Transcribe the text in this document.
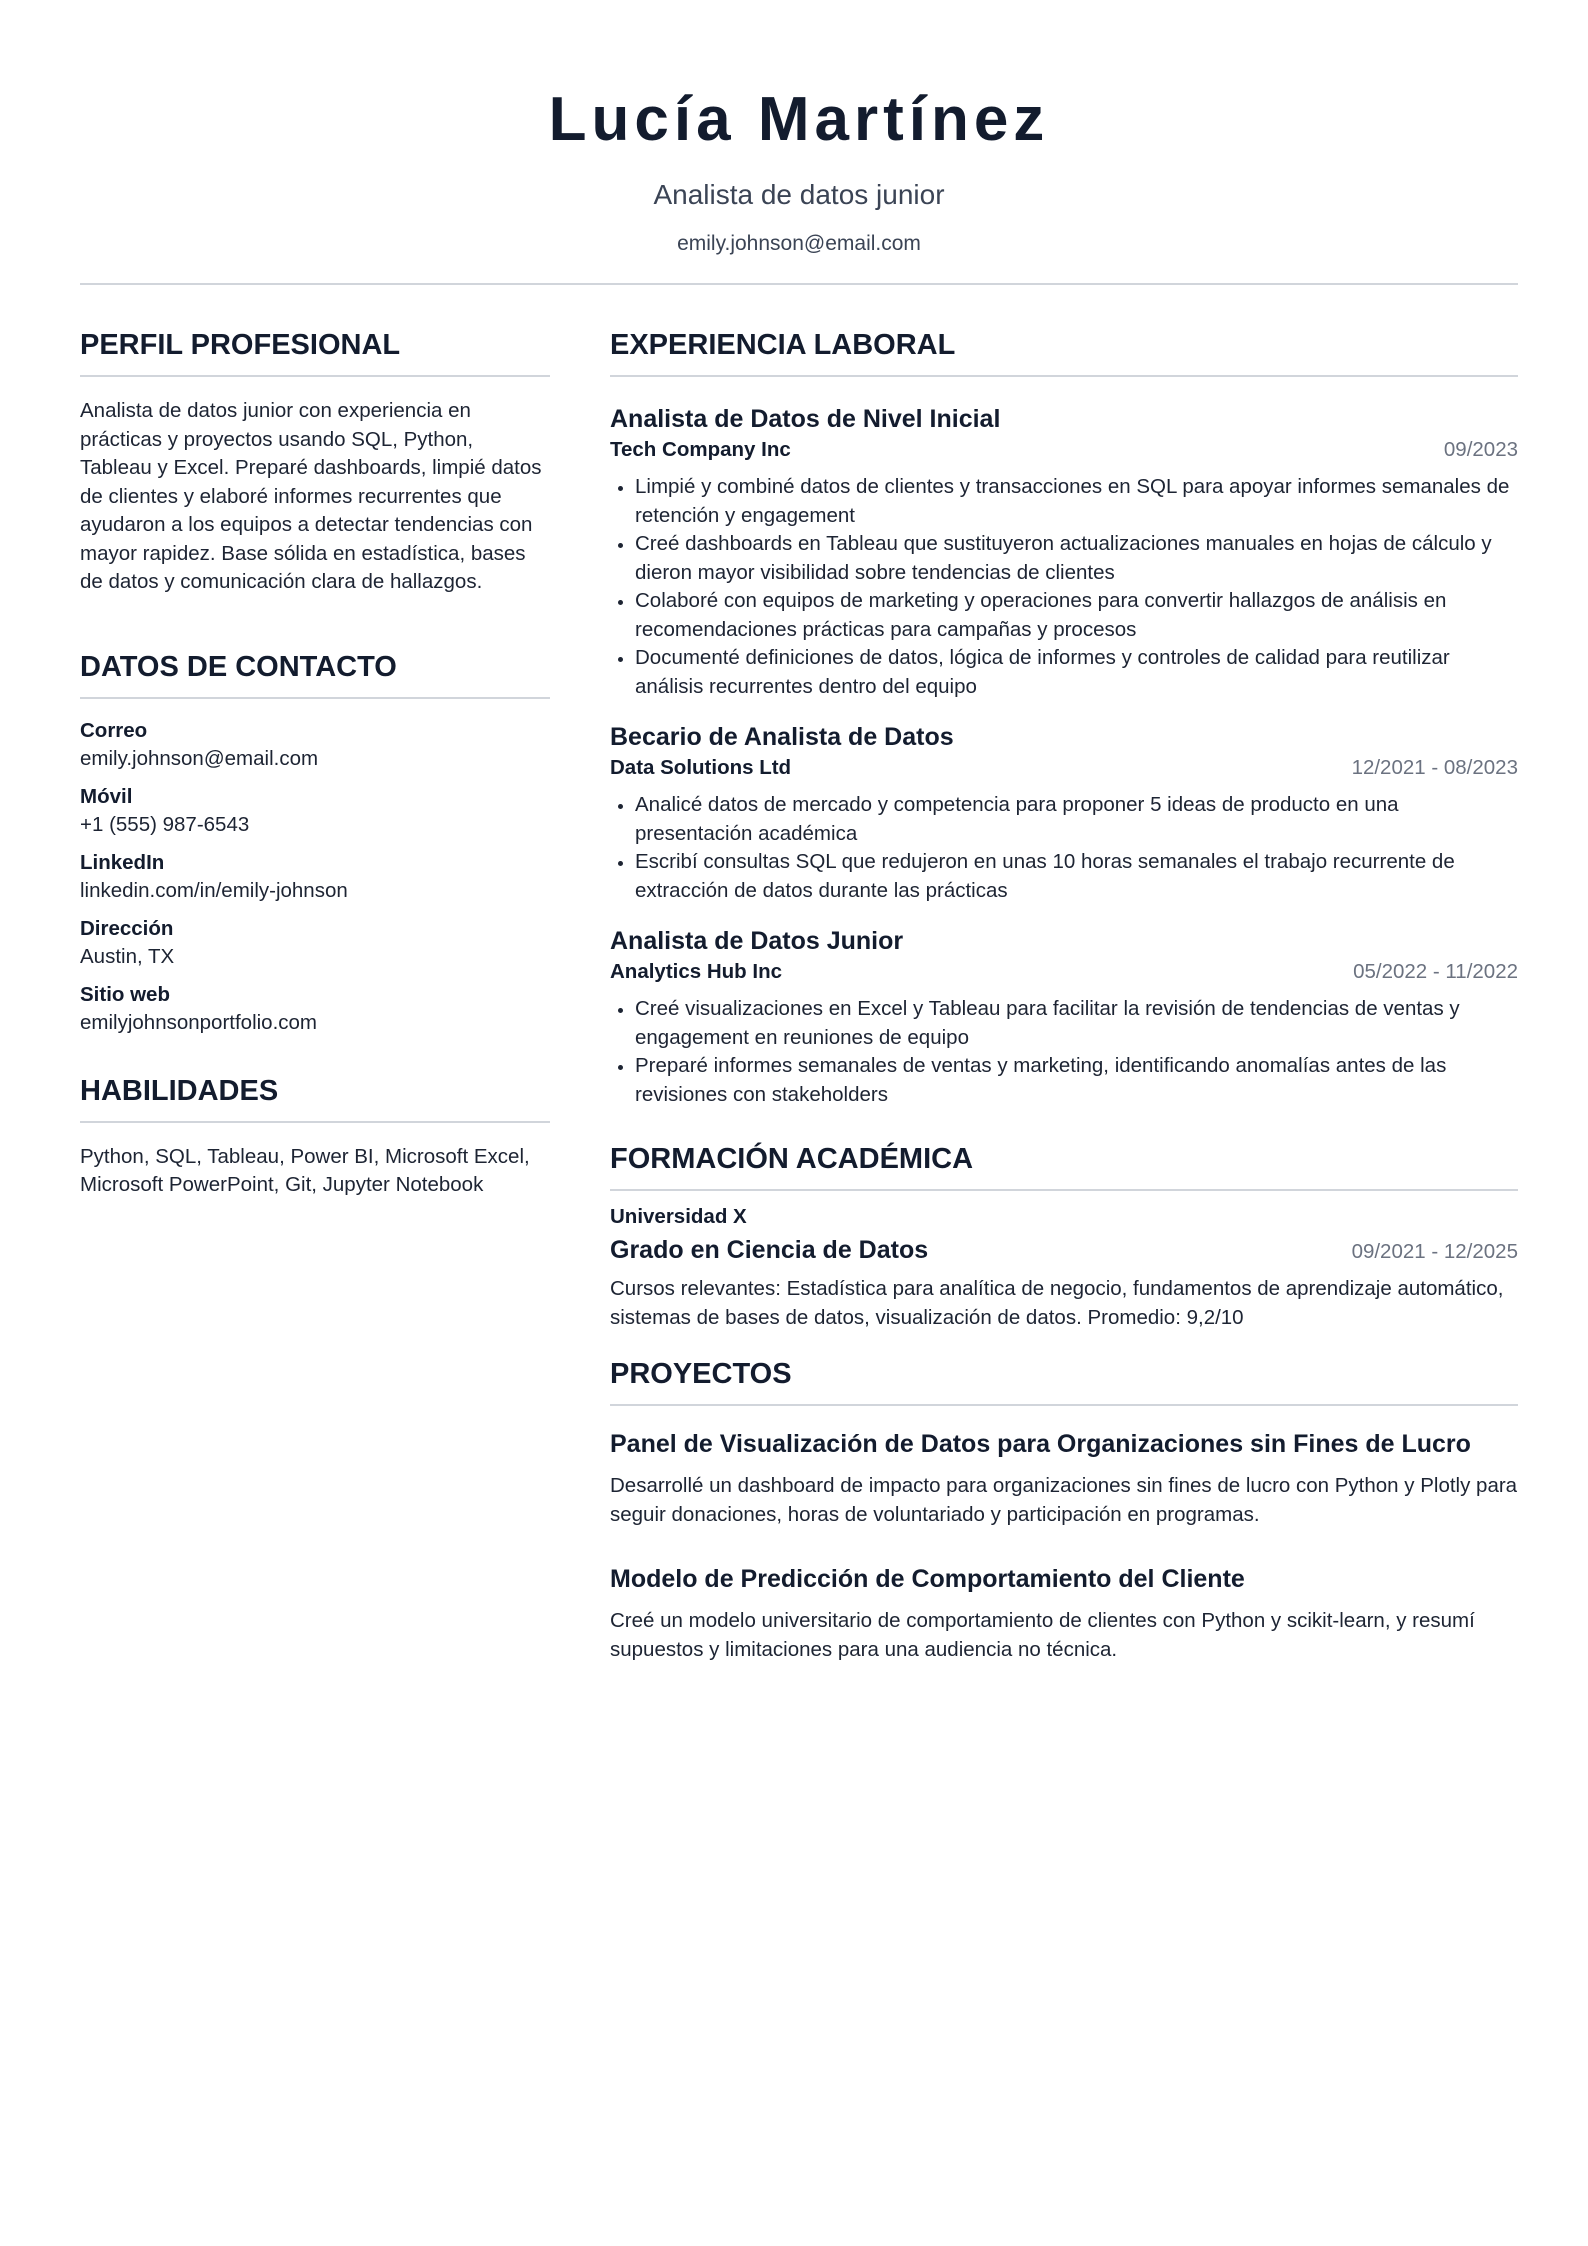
Lucía Martínez
Analista de datos junior
emily.johnson@email.com
PERFIL PROFESIONAL
Analista de datos junior con experiencia en prácticas y proyectos usando SQL, Python, Tableau y Excel. Preparé dashboards, limpié datos de clientes y elaboré informes recurrentes que ayudaron a los equipos a detectar tendencias con mayor rapidez. Base sólida en estadística, bases de datos y comunicación clara de hallazgos.
DATOS DE CONTACTO
Correo
emily.johnson@email.com
Móvil
+1 (555) 987-6543
LinkedIn
linkedin.com/in/emily-johnson
Dirección
Austin, TX
Sitio web
emilyjohnsonportfolio.com
HABILIDADES
Python, SQL, Tableau, Power BI, Microsoft Excel, Microsoft PowerPoint, Git, Jupyter Notebook
EXPERIENCIA LABORAL
Analista de Datos de Nivel Inicial
Tech Company Inc	09/2023
Limpié y combiné datos de clientes y transacciones en SQL para apoyar informes semanales de retención y engagement
Creé dashboards en Tableau que sustituyeron actualizaciones manuales en hojas de cálculo y dieron mayor visibilidad sobre tendencias de clientes
Colaboré con equipos de marketing y operaciones para convertir hallazgos de análisis en recomendaciones prácticas para campañas y procesos
Documenté definiciones de datos, lógica de informes y controles de calidad para reutilizar análisis recurrentes dentro del equipo
Becario de Analista de Datos
Data Solutions Ltd	12/2021 - 08/2023
Analicé datos de mercado y competencia para proponer 5 ideas de producto en una presentación académica
Escribí consultas SQL que redujeron en unas 10 horas semanales el trabajo recurrente de extracción de datos durante las prácticas
Analista de Datos Junior
Analytics Hub Inc	05/2022 - 11/2022
Creé visualizaciones en Excel y Tableau para facilitar la revisión de tendencias de ventas y engagement en reuniones de equipo
Preparé informes semanales de ventas y marketing, identificando anomalías antes de las revisiones con stakeholders
FORMACIÓN ACADÉMICA
Universidad X
Grado en Ciencia de Datos	09/2021 - 12/2025
Cursos relevantes: Estadística para analítica de negocio, fundamentos de aprendizaje automático, sistemas de bases de datos, visualización de datos. Promedio: 9,2/10
PROYECTOS
Panel de Visualización de Datos para Organizaciones sin Fines de Lucro
Desarrollé un dashboard de impacto para organizaciones sin fines de lucro con Python y Plotly para seguir donaciones, horas de voluntariado y participación en programas.
Modelo de Predicción de Comportamiento del Cliente
Creé un modelo universitario de comportamiento de clientes con Python y scikit-learn, y resumí supuestos y limitaciones para una audiencia no técnica.
